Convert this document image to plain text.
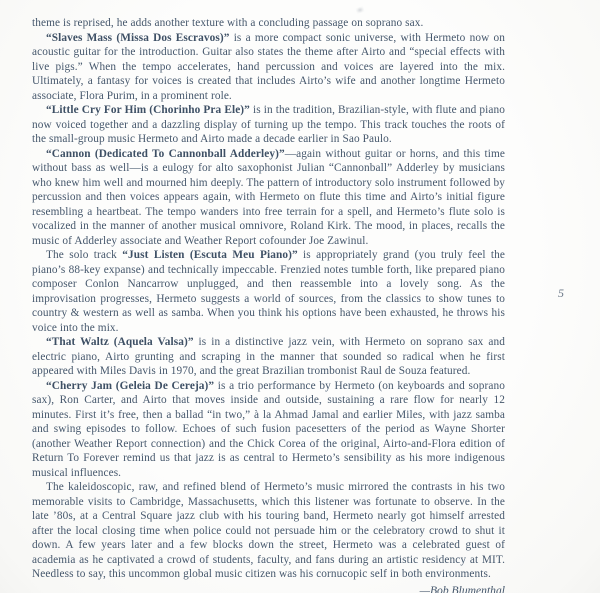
theme is reprised, he adds another texture with a concluding passage on soprano sax.

“Slaves Mass (Missa Dos Escravos)” is a more compact sonic universe, with Hermeto now on acoustic guitar for the introduction. Guitar also states the theme after Airto and “special effects with live pigs.” When the tempo accelerates, hand percussion and voices are layered into the mix. Ultimately, a fantasy for voices is created that includes Airto’s wife and another longtime Hermeto associate, Flora Purim, in a prominent role.

“Little Cry For Him (Chorinho Pra Ele)” is in the tradition, Brazilian-style, with flute and piano now voiced together and a dazzling display of turning up the tempo. This track touches the roots of the small-group music Hermeto and Airto made a decade earlier in Sao Paulo.

“Cannon (Dedicated To Cannonball Adderley)”—again without guitar or horns, and this time without bass as well—is a eulogy for alto saxophonist Julian “Cannonball” Adderley by musicians who knew him well and mourned him deeply. The pattern of introductory solo instrument followed by percussion and then voices appears again, with Hermeto on flute this time and Airto’s initial figure resembling a heartbeat. The tempo wanders into free terrain for a spell, and Hermeto’s flute solo is vocalized in the manner of another musical omnivore, Roland Kirk. The mood, in places, recalls the music of Adderley associate and Weather Report cofounder Joe Zawinul.

The solo track “Just Listen (Escuta Meu Piano)” is appropriately grand (you truly feel the piano’s 88-key expanse) and technically impeccable. Frenzied notes tumble forth, like prepared piano composer Conlon Nancarrow unplugged, and then reassemble into a lovely song. As the improvisation progresses, Hermeto suggests a world of sources, from the classics to show tunes to country & western as well as samba. When you think his options have been exhausted, he throws his voice into the mix.

“That Waltz (Aquela Valsa)” is in a distinctive jazz vein, with Hermeto on soprano sax and electric piano, Airto grunting and scraping in the manner that sounded so radical when he first appeared with Miles Davis in 1970, and the great Brazilian trombonist Raul de Souza featured.

“Cherry Jam (Geleia De Cereja)” is a trio performance by Hermeto (on keyboards and soprano sax), Ron Carter, and Airto that moves inside and outside, sustaining a rare flow for nearly 12 minutes. First it’s free, then a ballad “in two,” à la Ahmad Jamal and earlier Miles, with jazz samba and swing episodes to follow. Echoes of such fusion pacesetters of the period as Wayne Shorter (another Weather Report connection) and the Chick Corea of the original, Airto-and-Flora edition of Return To Forever remind us that jazz is as central to Hermeto’s sensibility as his more indigenous musical influences.

The kaleidoscopic, raw, and refined blend of Hermeto’s music mirrored the contrasts in his two memorable visits to Cambridge, Massachusetts, which this listener was fortunate to observe. In the late ’80s, at a Central Square jazz club with his touring band, Hermeto nearly got himself arrested after the local closing time when police could not persuade him or the celebratory crowd to shut it down. A few years later and a few blocks down the street, Hermeto was a celebrated guest of academia as he captivated a crowd of students, faculty, and fans during an artistic residency at MIT. Needless to say, this uncommon global music citizen was his cornucopic self in both environments.

—Bob Blumenthal
5
